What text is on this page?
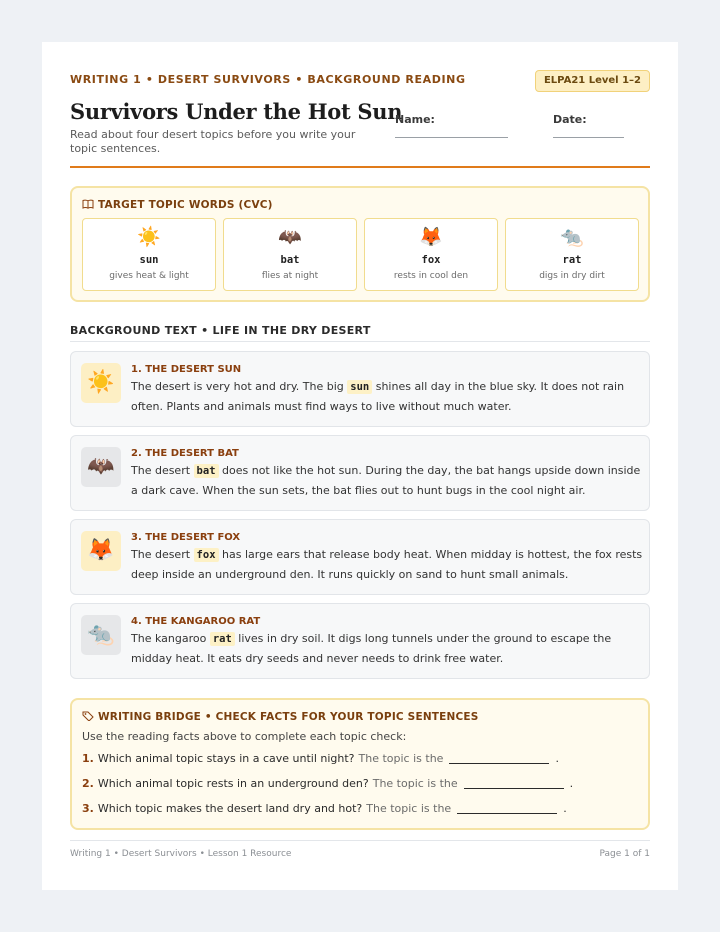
WRITING 1 • DESERT SURVIVORS • BACKGROUND READING	ELPA21 Level 1–2
Survivors Under the Hot Sun
Read about four desert topics before you write your topic sentences.
Name:	Date:
TARGET TOPIC WORDS (CVC)
☀️
sun
gives heat & light
🦇
bat
flies at night
🦊
fox
rests in cool den
🐀
rat
digs in dry dirt
BACKGROUND TEXT • LIFE IN THE DRY DESERT
☀️
1. THE DESERT SUN
The desert is very hot and dry. The big sun shines all day in the blue sky. It does not rain often. Plants and animals must find ways to live without much water.
🦇
2. THE DESERT BAT
The desert bat does not like the hot sun. During the day, the bat hangs upside down inside a dark cave. When the sun sets, the bat flies out to hunt bugs in the cool night air.
🦊
3. THE DESERT FOX
The desert fox has large ears that release body heat. When midday is hottest, the fox rests deep inside an underground den. It runs quickly on sand to hunt small animals.
🐀
4. THE KANGAROO RAT
The kangaroo rat lives in dry soil. It digs long tunnels under the ground to escape the midday heat. It eats dry seeds and never needs to drink free water.
WRITING BRIDGE • CHECK FACTS FOR YOUR TOPIC SENTENCES
Use the reading facts above to complete each topic check:
1. Which animal topic stays in a cave until night? The topic is the	.
2. Which animal topic rests in an underground den? The topic is the	.
3. Which topic makes the desert land dry and hot? The topic is the	.
Writing 1 • Desert Survivors • Lesson 1 Resource	Page 1 of 1
